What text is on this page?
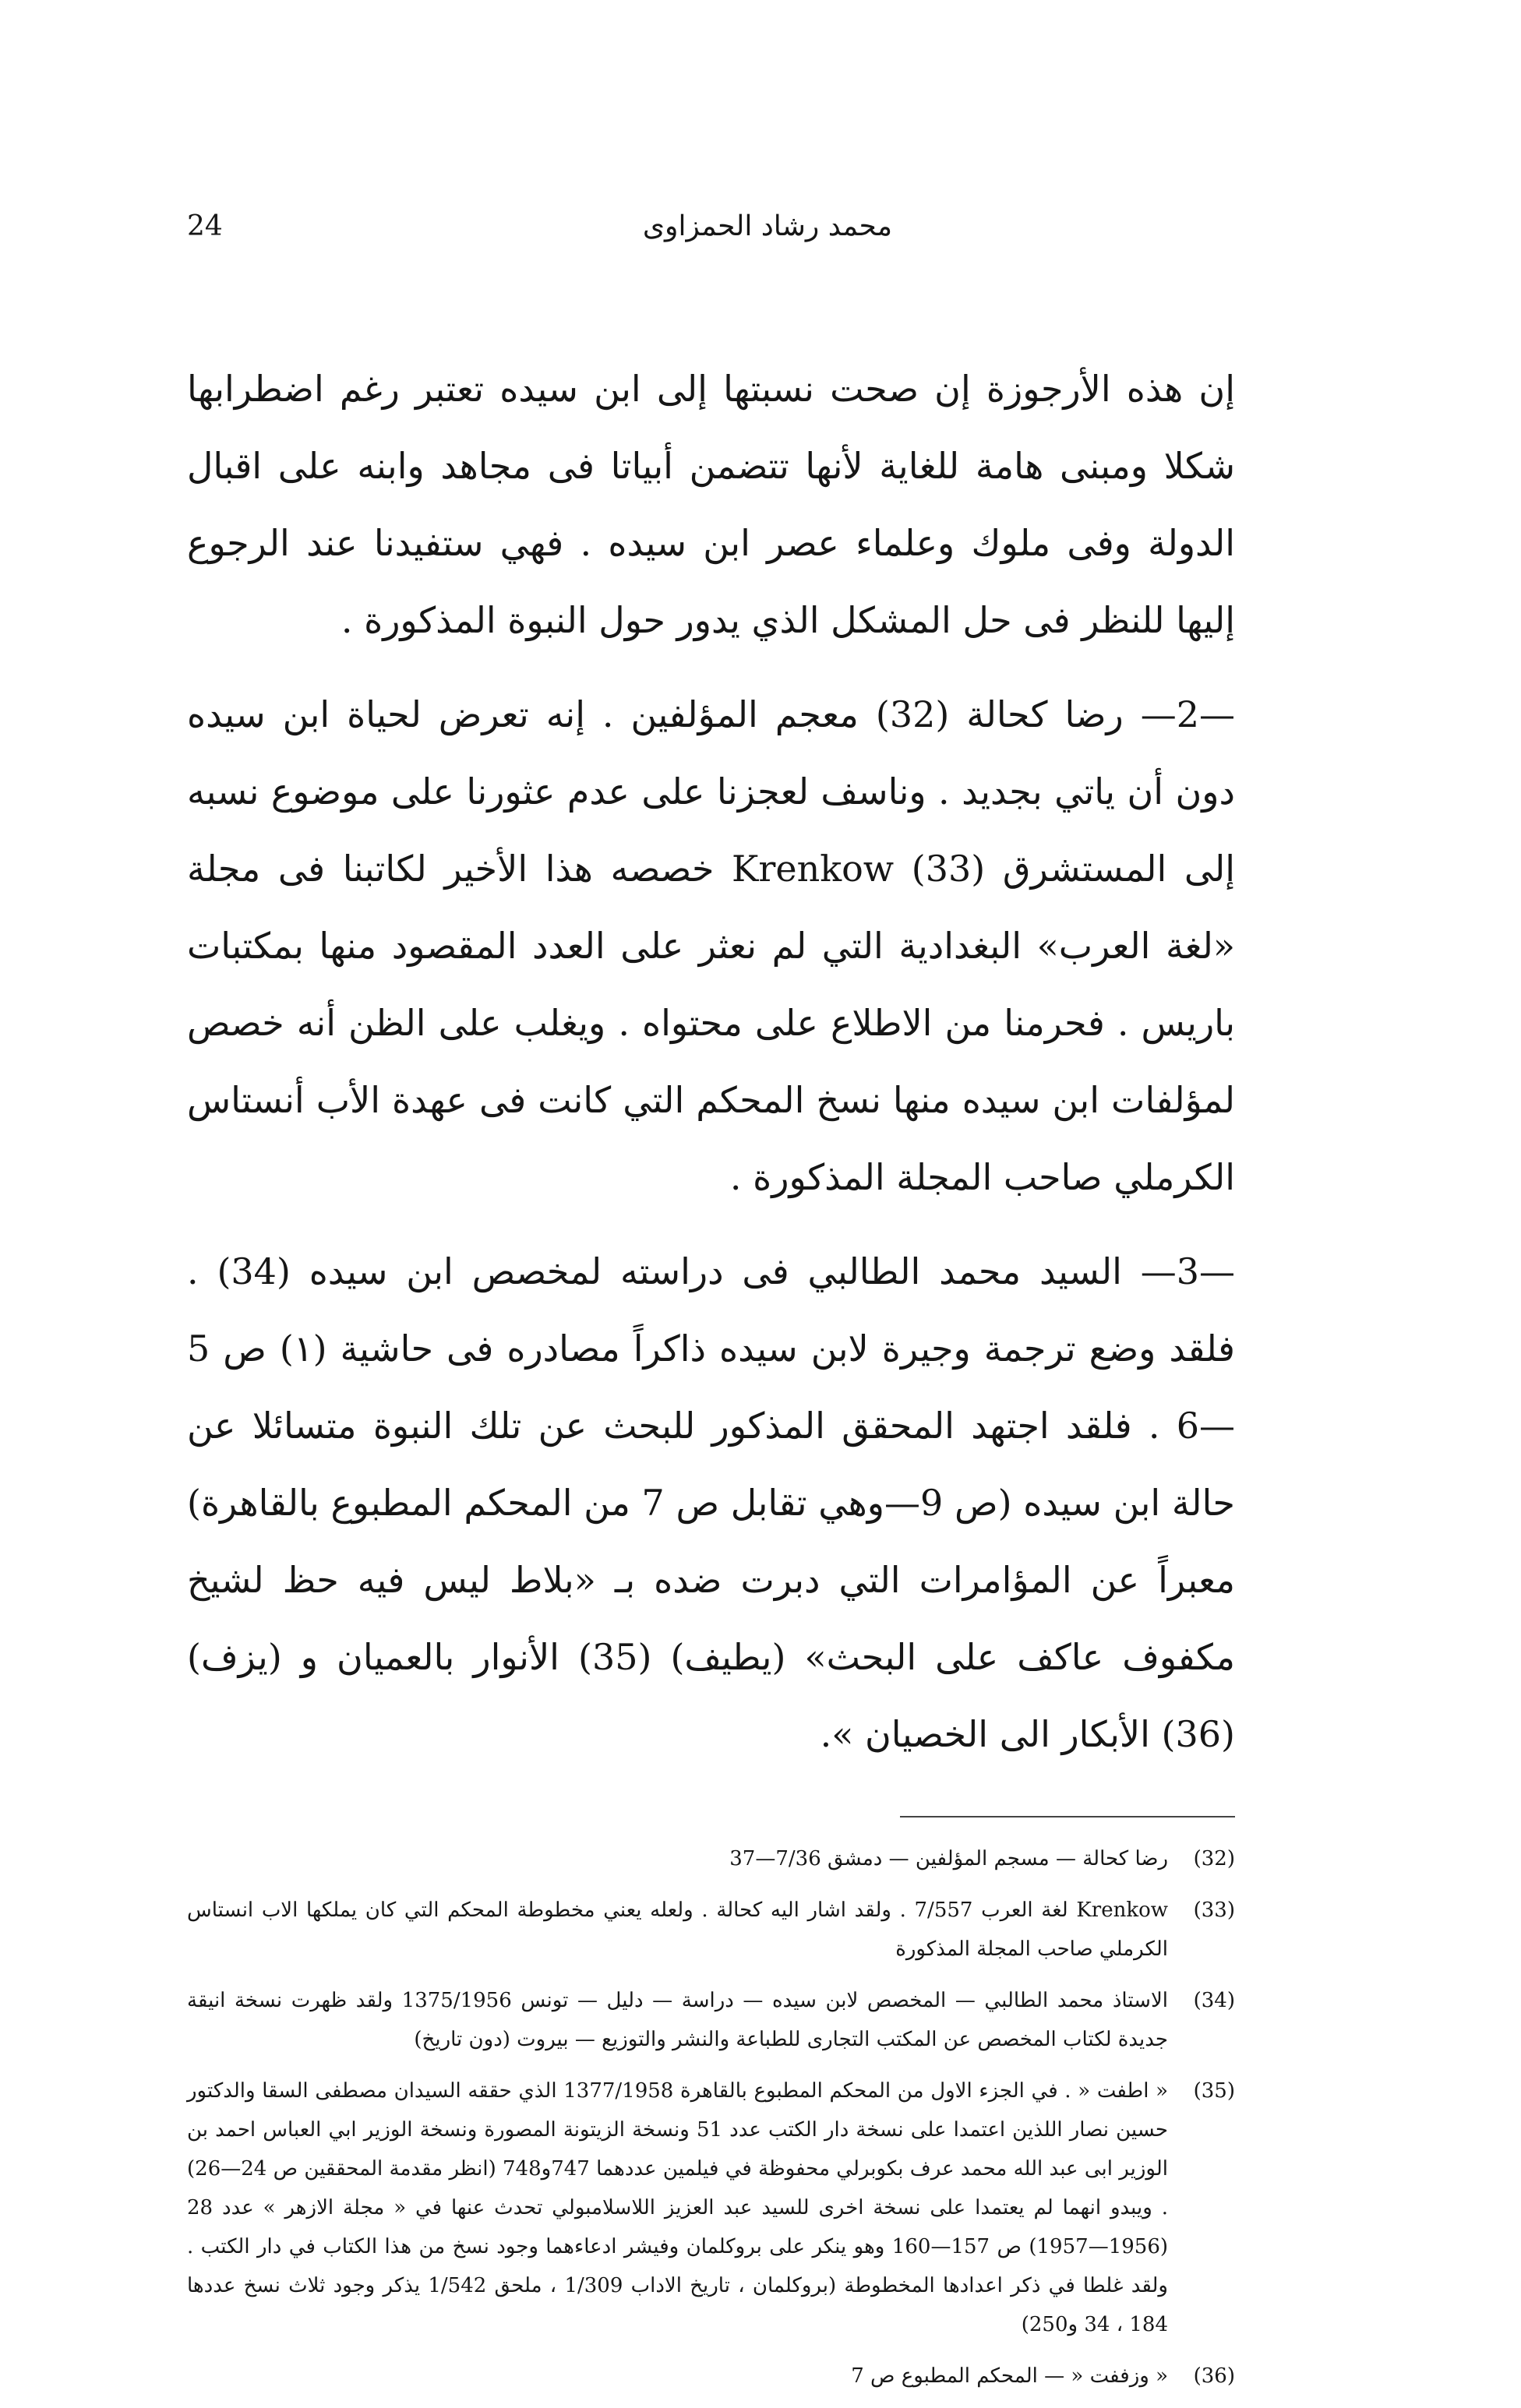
24	محمد رشاد الحمزاوى

إن هذه الأرجوزة إن صحت نسبتها إلى ابن سيده تعتبر رغم اضطرابها شكلا ومبنى هامة للغاية لأنها تتضمن أبياتا فى مجاهد وابنه على اقبال الدولة وفى ملوك وعلماء عصر ابن سيده . فهي ستفيدنا عند الرجوع إليها للنظر فى حل المشكل الذي يدور حول النبوة المذكورة .

—2— رضا كحالة (32) معجم المؤلفين . إنه تعرض لحياة ابن سيده دون أن ياتي بجديد . وناسف لعجزنا على عدم عثورنا على موضوع نسبه إلى المستشرق Krenkow (33) خصصه هذا الأخير لكاتبنا فى مجلة «لغة العرب» البغدادية التي لم نعثر على العدد المقصود منها بمكتبات باريس . فحرمنا من الاطلاع على محتواه . ويغلب على الظن أنه خصص لمؤلفات ابن سيده منها نسخ المحكم التي كانت فى عهدة الأب أنستاس الكرملي صاحب المجلة المذكورة .

—3— السيد محمد الطالبي فى دراسته لمخصص ابن سيده (34) . فلقد وضع ترجمة وجيرة لابن سيده ذاكراً مصادره فى حاشية (١) ص 5—6 . فلقد اجتهد المحقق المذكور للبحث عن تلك النبوة متسائلا عن حالة ابن سيده (ص 9—وهي تقابل ص 7 من المحكم المطبوع بالقاهرة) معبراً عن المؤامرات التي دبرت ضده بـ «بلاط ليس فيه حظ لشيخ مكفوف عاكف على البحث» (يطيف) (35) الأنوار بالعميان و (يزف) (36) الأبكار الى الخصيان ».

(32)
رضا كحالة — مسجم المؤلفين — دمشق 7/36—37
(33)
Krenkow لغة العرب 7/557 . ولقد اشار اليه كحالة . ولعله يعني مخطوطة المحكم التي كان يملكها الاب انستاس الكرملي صاحب المجلة المذكورة
(34)
الاستاذ محمد الطالبي — المخصص لابن سيده — دراسة — دليل — تونس 1375/1956 ولقد ظهرت نسخة انيقة جديدة لكتاب المخصص عن المكتب التجارى للطباعة والنشر والتوزيع — بيروت (دون تاريخ)
(35)
« اطفت « . في الجزء الاول من المحكم المطبوع بالقاهرة 1377/1958 الذي حققه السيدان مصطفى السقا والدكتور حسين نصار اللذين اعتمدا على نسخة دار الكتب عدد 51 ونسخة الزيتونة المصورة ونسخة الوزير ابي العباس احمد بن الوزير ابى عبد الله محمد عرف بكوبرلي محفوظة في فيلمين عددهما 747و748 (انظر مقدمة المحققين ص 24—26) . ويبدو انهما لم يعتمدا على نسخة اخرى للسيد عبد العزيز اللاسلامبولي تحدث عنها في « مجلة الازهر » عدد 28 (1956—1957) ص 157—160 وهو ينكر على بروكلمان وفيشر ادعاءهما وجود نسخ من هذا الكتاب في دار الكتب . ولقد غلطا في ذكر اعدادها المخطوطة (بروكلمان ، تاريخ الاداب 1/309 ، ملحق 1/542 يذكر وجود ثلاث نسخ عددها 184 ، 34 و250)
(36)
« وزففت « — المحكم المطبوع ص 7
